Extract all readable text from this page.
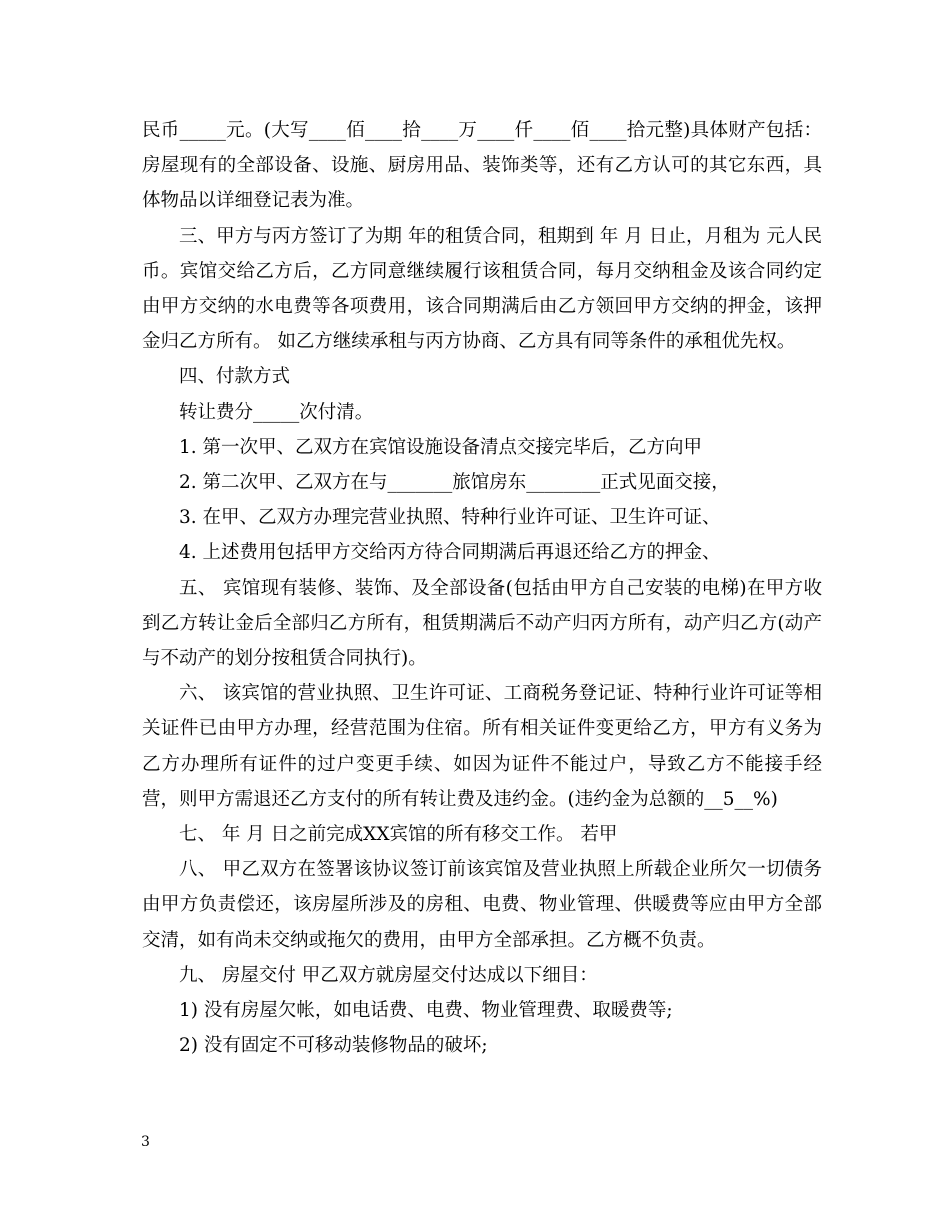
民币_____元。(大写____佰____拾____万____仟____佰____拾元整)具体财产包括：房屋现有的全部设备、设施、厨房用品、装饰类等，还有乙方认可的其它东西，具体物品以详细登记表为准。

三、甲方与丙方签订了为期 年的租赁合同，租期到 年 月 日止，月租为 元人民币。宾馆交给乙方后，乙方同意继续履行该租赁合同，每月交纳租金及该合同约定由甲方交纳的水电费等各项费用，该合同期满后由乙方领回甲方交纳的押金，该押金归乙方所有。 如乙方继续承租与丙方协商、乙方具有同等条件的承租优先权。

四、付款方式

转让费分_____次付清。

1. 第一次甲、乙双方在宾馆设施设备清点交接完毕后，乙方向甲

2. 第二次甲、乙双方在与_______旅馆房东________正式见面交接，

3. 在甲、乙双方办理完营业执照、特种行业许可证、卫生许可证、

4. 上述费用包括甲方交给丙方待合同期满后再退还给乙方的押金、

五、 宾馆现有装修、装饰、及全部设备(包括由甲方自己安装的电梯)在甲方收到乙方转让金后全部归乙方所有，租赁期满后不动产归丙方所有，动产归乙方(动产与不动产的划分按租赁合同执行)。

六、 该宾馆的营业执照、卫生许可证、工商税务登记证、特种行业许可证等相关证件已由甲方办理，经营范围为住宿。所有相关证件变更给乙方，甲方有义务为乙方办理所有证件的过户变更手续、如因为证件不能过户，导致乙方不能接手经营，则甲方需退还乙方支付的所有转让费及违约金。(违约金为总额的__5__%)

七、 年 月 日之前完成XX宾馆的所有移交工作。 若甲

八、 甲乙双方在签署该协议签订前该宾馆及营业执照上所载企业所欠一切债务由甲方负责偿还，该房屋所涉及的房租、电费、物业管理、供暖费等应由甲方全部交清，如有尚未交纳或拖欠的费用，由甲方全部承担。乙方概不负责。

九、 房屋交付 甲乙双方就房屋交付达成以下细目：

1) 没有房屋欠帐，如电话费、电费、物业管理费、取暖费等;

2) 没有固定不可移动装修物品的破坏;

3
